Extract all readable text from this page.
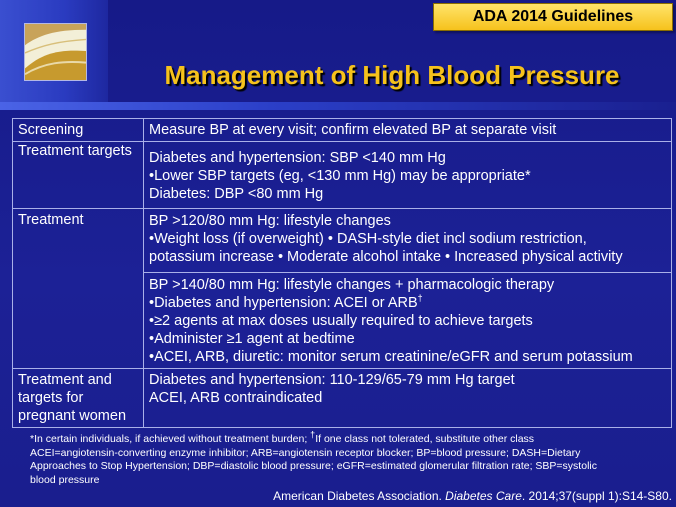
ADA 2014 Guidelines
Management of High Blood Pressure
Screening	Measure BP at every visit; confirm elevated BP at separate visit
Treatment targets	Diabetes and hypertension: SBP <140 mm Hg
•Lower SBP targets (eg, <130 mm Hg) may be appropriate*
Diabetes: DBP <80 mm Hg

Treatment	BP >120/80 mm Hg: lifestyle changes
•Weight loss (if overweight) • DASH-style diet incl sodium restriction,
potassium increase • Moderate alcohol intake • Increased physical activity

	BP >140/80 mm Hg: lifestyle changes + pharmacologic therapy
•Diabetes and hypertension: ACEI or ARB†
•≥2 agents at max doses usually required to achieve targets
•Administer ≥1 agent at bedtime
•ACEI, ARB, diuretic: monitor serum creatinine/eGFR and serum potassium

Treatment and
targets for
pregnant women	Diabetes and hypertension: 110-129/65-79 mm Hg target
ACEI, ARB contraindicated
*In certain individuals, if achieved without treatment burden; †If one class not tolerated, substitute other class
ACEI=angiotensin-converting enzyme inhibitor; ARB=angiotensin receptor blocker; BP=blood pressure; DASH=Dietary
Approaches to Stop Hypertension; DBP=diastolic blood pressure; eGFR=estimated glomerular filtration rate; SBP=systolic
blood pressure
American Diabetes Association. Diabetes Care. 2014;37(suppl 1):S14-S80.
